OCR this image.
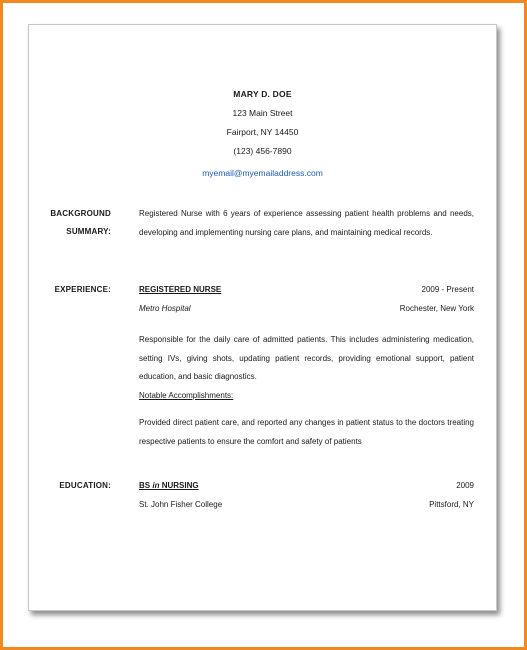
MARY D. DOE
123 Main Street
Fairport, NY 14450
(123) 456-7890
myemail@myemailaddress.com
BACKGROUND
SUMMARY:
Registered Nurse with 6 years of experience assessing patient health problems and needs, developing and implementing nursing care plans, and maintaining medical records.
EXPERIENCE:	REGISTERED NURSE	2009 - Present
Metro Hospital	Rochester, New York
Responsible for the daily care of admitted patients. This includes administering medication, setting IVs, giving shots, updating patient records, providing emotional support, patient education, and basic diagnostics.
Notable Accomplishments:
Provided direct patient care, and reported any changes in patient status to the doctors treating respective patients to ensure the comfort and safety of patients
EDUCATION:	BS in NURSING	2009
St. John Fisher College	Pittsford, NY
